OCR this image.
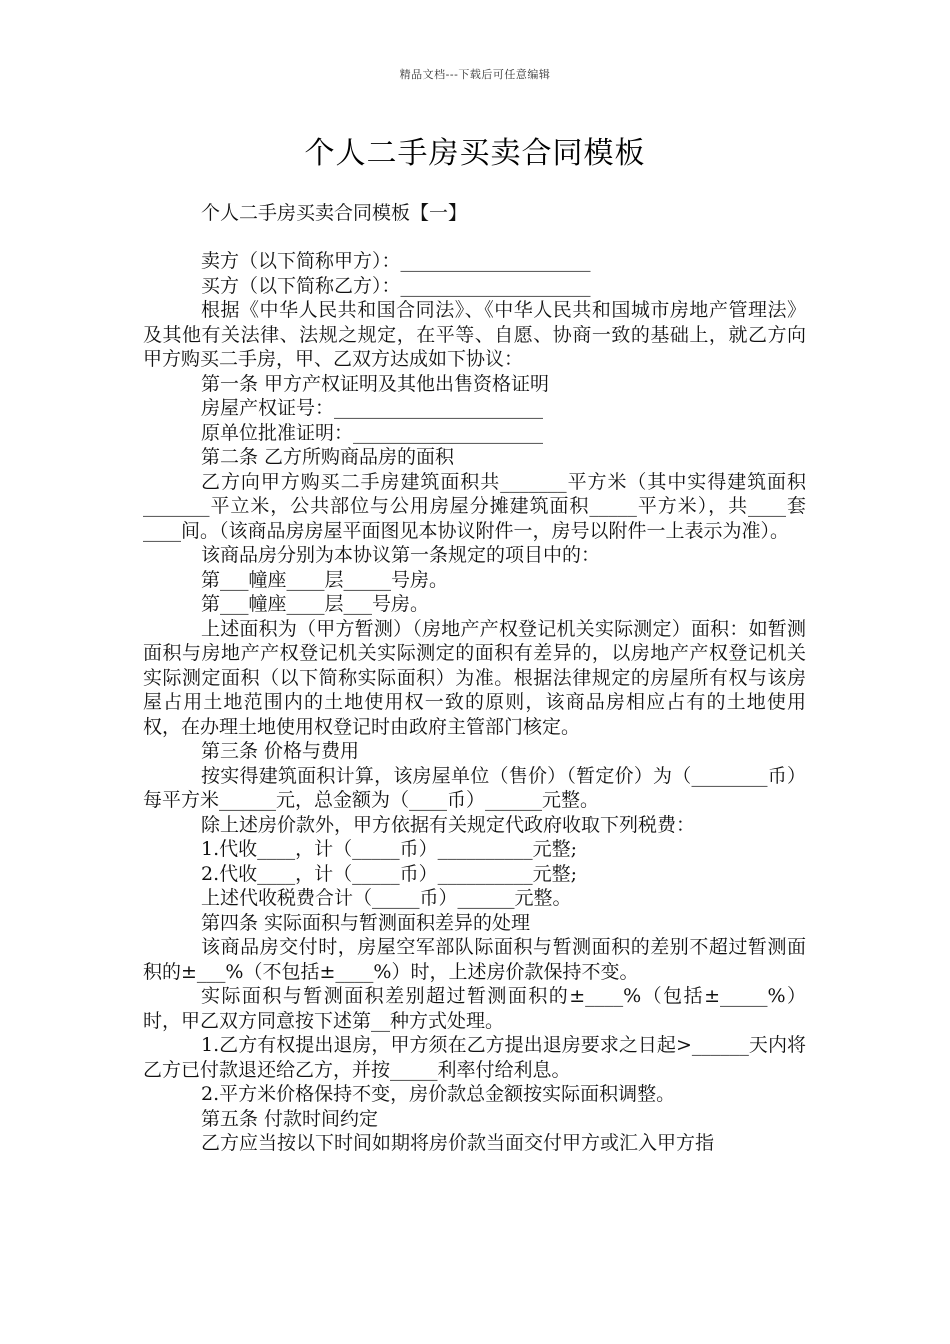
精品文档---下载后可任意编辑
个人二手房买卖合同模板
个人二手房买卖合同模板【一】

卖方（以下简称甲方）：____________________

买方（以下简称乙方）：____________________

根据《中华人民共和国合同法》、《中华人民共和国城市房地产管理法》及其他有关法律、法规之规定，在平等、自愿、协商一致的基础上，就乙方向甲方购买二手房，甲、乙双方达成如下协议：

第一条 甲方产权证明及其他出售资格证明

房屋产权证号：______________________

原单位批准证明：____________________

第二条 乙方所购商品房的面积

乙方向甲方购买二手房建筑面积共_______平方米（其中实得建筑面积_______平立米，公共部位与公用房屋分摊建筑面积_____平方米），共____套____间。（该商品房房屋平面图见本协议附件一，房号以附件一上表示为准）。

该商品房分别为本协议第一条规定的项目中的：

第___幢座____层_____号房。

第___幢座____层___号房。

上述面积为（甲方暂测）（房地产产权登记机关实际测定）面积：如暂测面积与房地产产权登记机关实际测定的面积有差异的，以房地产产权登记机关实际测定面积（以下简称实际面积）为准。根据法律规定的房屋所有权与该房屋占用土地范围内的土地使用权一致的原则，该商品房相应占有的土地使用权，在办理土地使用权登记时由政府主管部门核定。

第三条 价格与费用

按实得建筑面积计算，该房屋单位（售价）（暂定价）为（________币）每平方米______元，总金额为（____币）______元整。

除上述房价款外，甲方依据有关规定代政府收取下列税费：

1.代收____，计（_____币）__________元整;

2.代收____，计（_____币）__________元整;

上述代收税费合计（_____币）______元整。

第四条 实际面积与暂测面积差异的处理

该商品房交付时，房屋空军部队际面积与暂测面积的差别不超过暂测面积的±___%（不包括±____%）时，上述房价款保持不变。

实际面积与暂测面积差别超过暂测面积的±____%（包括±_____%）时，甲乙双方同意按下述第__种方式处理。

1.乙方有权提出退房，甲方须在乙方提出退房要求之日起>______天内将乙方已付款退还给乙方，并按_____利率付给利息。

2.平方米价格保持不变，房价款总金额按实际面积调整。

第五条 付款时间约定

乙方应当按以下时间如期将房价款当面交付甲方或汇入甲方指
